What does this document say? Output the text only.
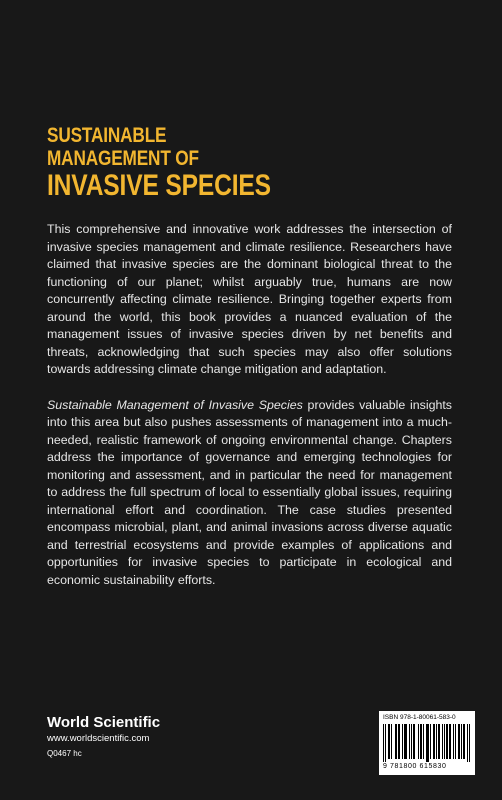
SUSTAINABLE
MANAGEMENT OF
INVASIVE SPECIES

This comprehensive and innovative work addresses the intersection of invasive species management and climate resilience. Researchers have claimed that invasive species are the dominant biological threat to the functioning of our planet; whilst arguably true, humans are now concurrently affecting climate resilience. Bringing together experts from around the world, this book provides a nuanced evaluation of the management issues of invasive species driven by net benefits and threats, acknowledging that such species may also offer solutions towards addressing climate change mitigation and adaptation.

Sustainable Management of Invasive Species provides valuable insights into this area but also pushes assessments of management into a much-needed, realistic framework of ongoing environmental change. Chapters address the importance of governance and emerging technologies for monitoring and assessment, and in particular the need for management to address the full spectrum of local to essentially global issues, requiring international effort and coordination. The case studies presented encompass microbial, plant, and animal invasions across diverse aquatic and terrestrial ecosystems and provide examples of applications and opportunities for invasive species to participate in ecological and economic sustainability efforts.

World Scientific
www.worldscientific.com
Q0467 hc
ISBN 978-1-80061-583-0
9 781800 615830
